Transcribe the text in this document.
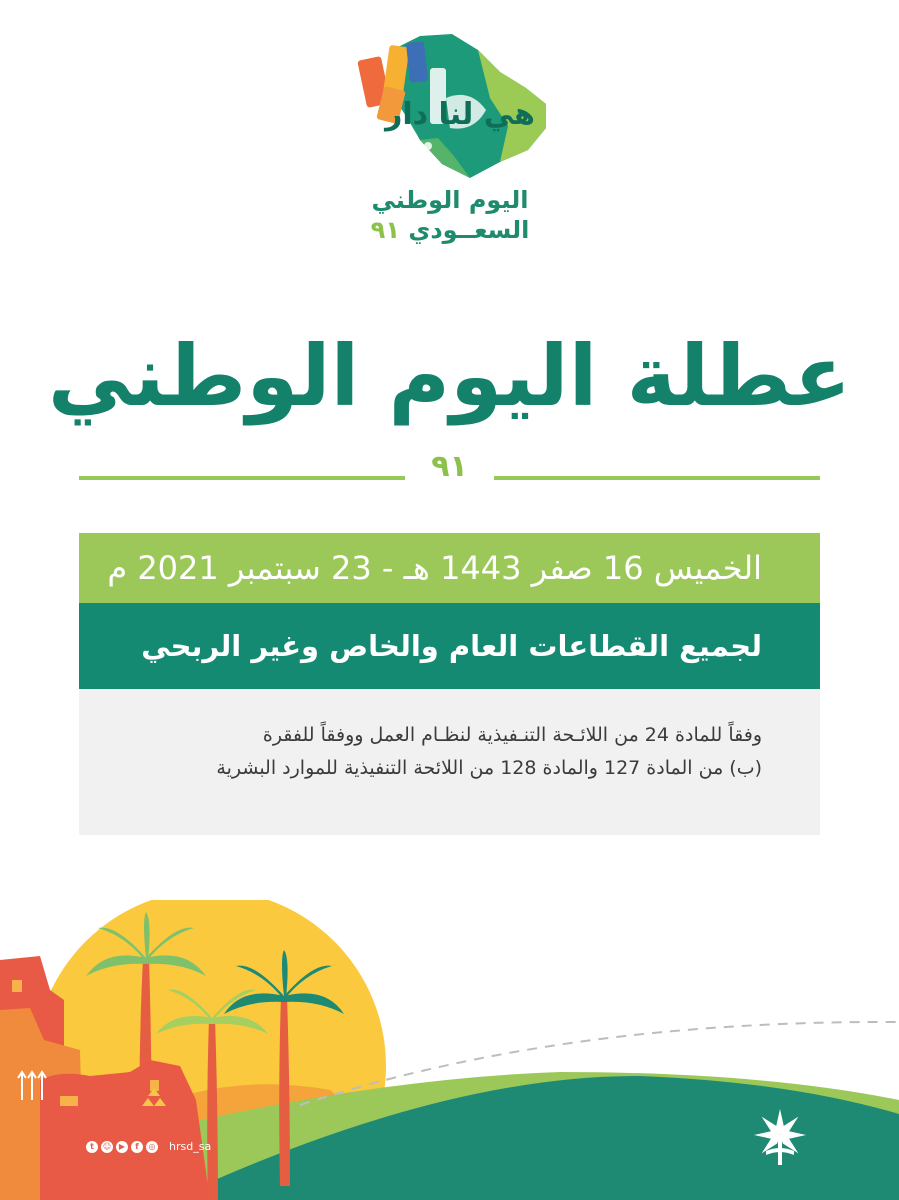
هي لنا دار
اليوم الوطني
السعــودي ٩١
عطلة اليوم الوطني
٩١
الخميس 16 صفر 1443 هـ - 23 سبتمبر 2021 م
لجميع القطاعات العام والخاص وغير الربحي

وفقاً للمادة 24 من اللائـحة التنـفيذية لنظـام العمل ووفقاً للفقرة

(ب) من المادة 127 والمادة 128 من اللائحة التنفيذية للموارد البشرية

t	☺ ▶	f	◎ hrsd_sa
